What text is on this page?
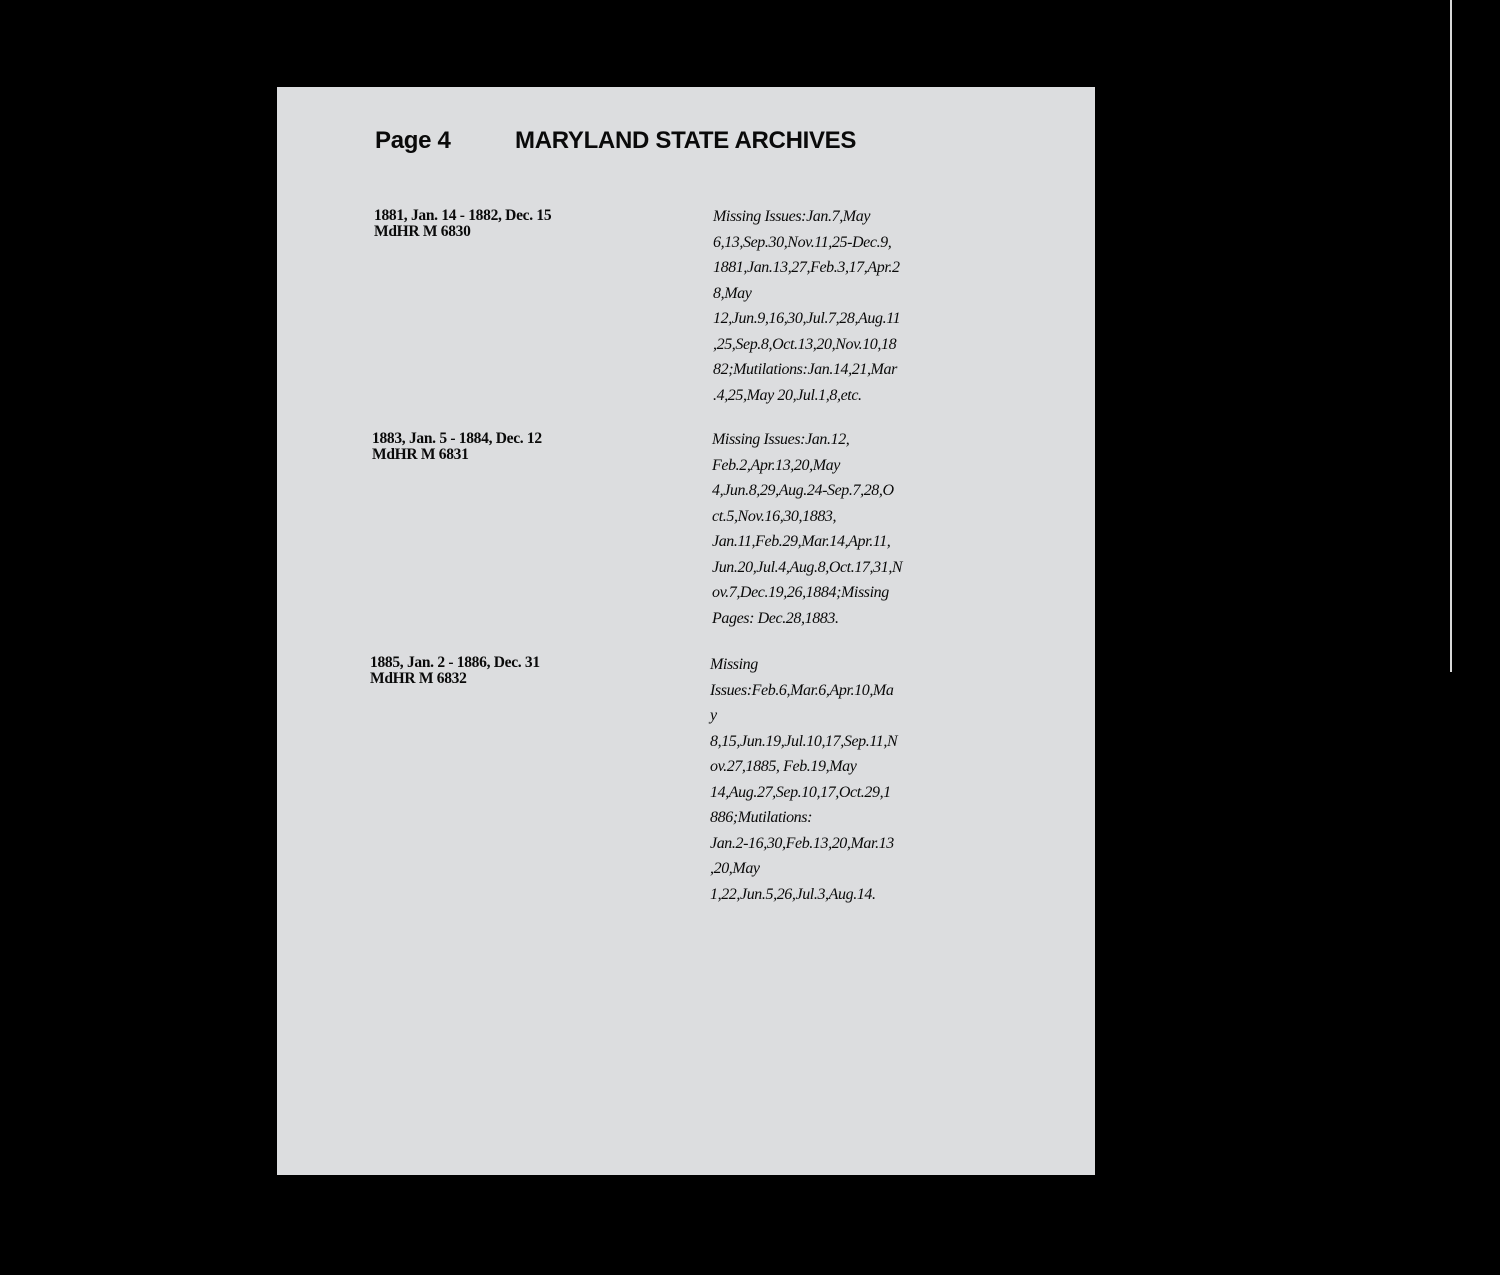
Page 4	MARYLAND STATE ARCHIVES
1881, Jan. 14 - 1882, Dec. 15
MdHR M 6830
Missing Issues:Jan.7,May
6,13,Sep.30,Nov.11,25-Dec.9,
1881,Jan.13,27,Feb.3,17,Apr.2
8,May
12,Jun.9,16,30,Jul.7,28,Aug.11
,25,Sep.8,Oct.13,20,Nov.10,18
82;Mutilations:Jan.14,21,Mar
.4,25,May 20,Jul.1,8,etc.
1883, Jan. 5 - 1884, Dec. 12
MdHR M 6831
Missing Issues:Jan.12,
Feb.2,Apr.13,20,May
4,Jun.8,29,Aug.24-Sep.7,28,O
ct.5,Nov.16,30,1883,
Jan.11,Feb.29,Mar.14,Apr.11,
Jun.20,Jul.4,Aug.8,Oct.17,31,N
ov.7,Dec.19,26,1884;Missing
Pages: Dec.28,1883.
1885, Jan. 2 - 1886, Dec. 31
MdHR M 6832
Missing
Issues:Feb.6,Mar.6,Apr.10,Ma
y
8,15,Jun.19,Jul.10,17,Sep.11,N
ov.27,1885, Feb.19,May
14,Aug.27,Sep.10,17,Oct.29,1
886;Mutilations:
Jan.2-16,30,Feb.13,20,Mar.13
,20,May
1,22,Jun.5,26,Jul.3,Aug.14.
